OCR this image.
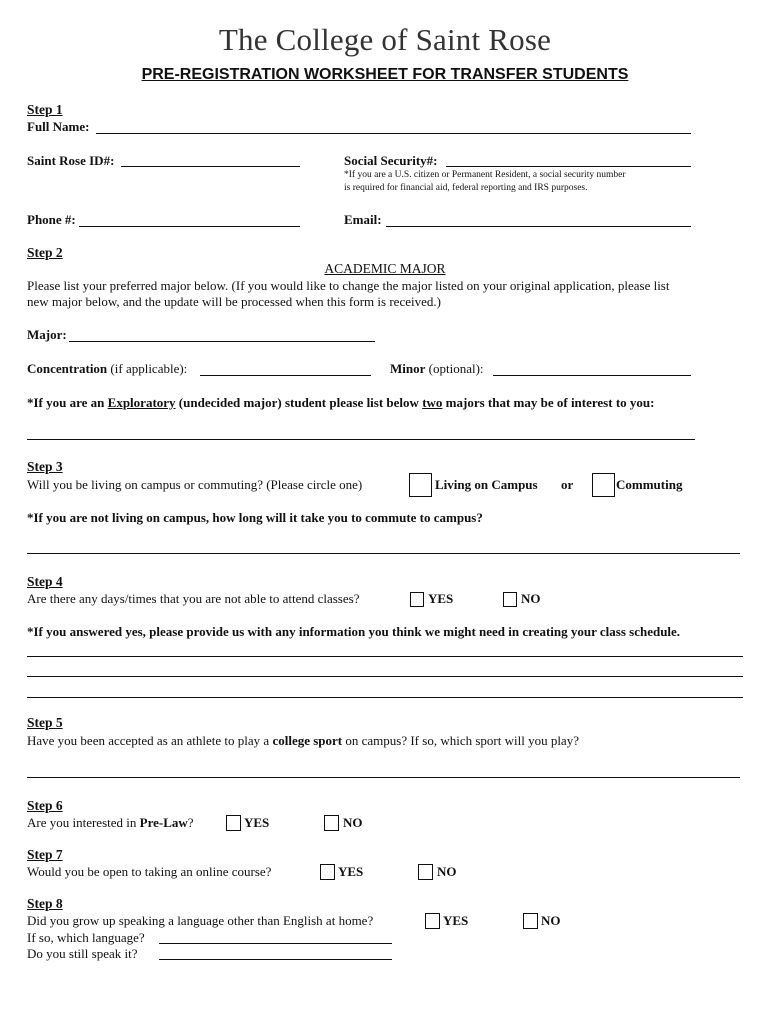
The College of Saint Rose
PRE-REGISTRATION WORKSHEET FOR TRANSFER STUDENTS
Step 1
Full Name:
Saint Rose ID#:	Social Security#:
*If you are a U.S. citizen or Permanent Resident, a social security number
is required for financial aid, federal reporting and IRS purposes.
Phone #:	Email:
Step 2
ACADEMIC MAJOR
Please list your preferred major below. (If you would like to change the major listed on your original application, please list
new major below, and the update will be processed when this form is received.)
Major:
Concentration (if applicable):	Minor (optional):
*If you are an Exploratory (undecided major) student please list below two majors that may be of interest to you:
Step 3
Will you be living on campus or commuting? (Please circle one)	Living on Campus or	Commuting
*If you are not living on campus, how long will it take you to commute to campus?
Step 4
Are there any days/times that you are not able to attend classes?	YES	NO
*If you answered yes, please provide us with any information you think we might need in creating your class schedule.
Step 5
Have you been accepted as an athlete to play a college sport on campus? If so, which sport will you play?
Step 6
Are you interested in Pre-Law?	YES	NO
Step 7
Would you be open to taking an online course?	YES	NO
Step 8
Did you grow up speaking a language other than English at home?	YES	NO
If so, which language?
Do you still speak it?
